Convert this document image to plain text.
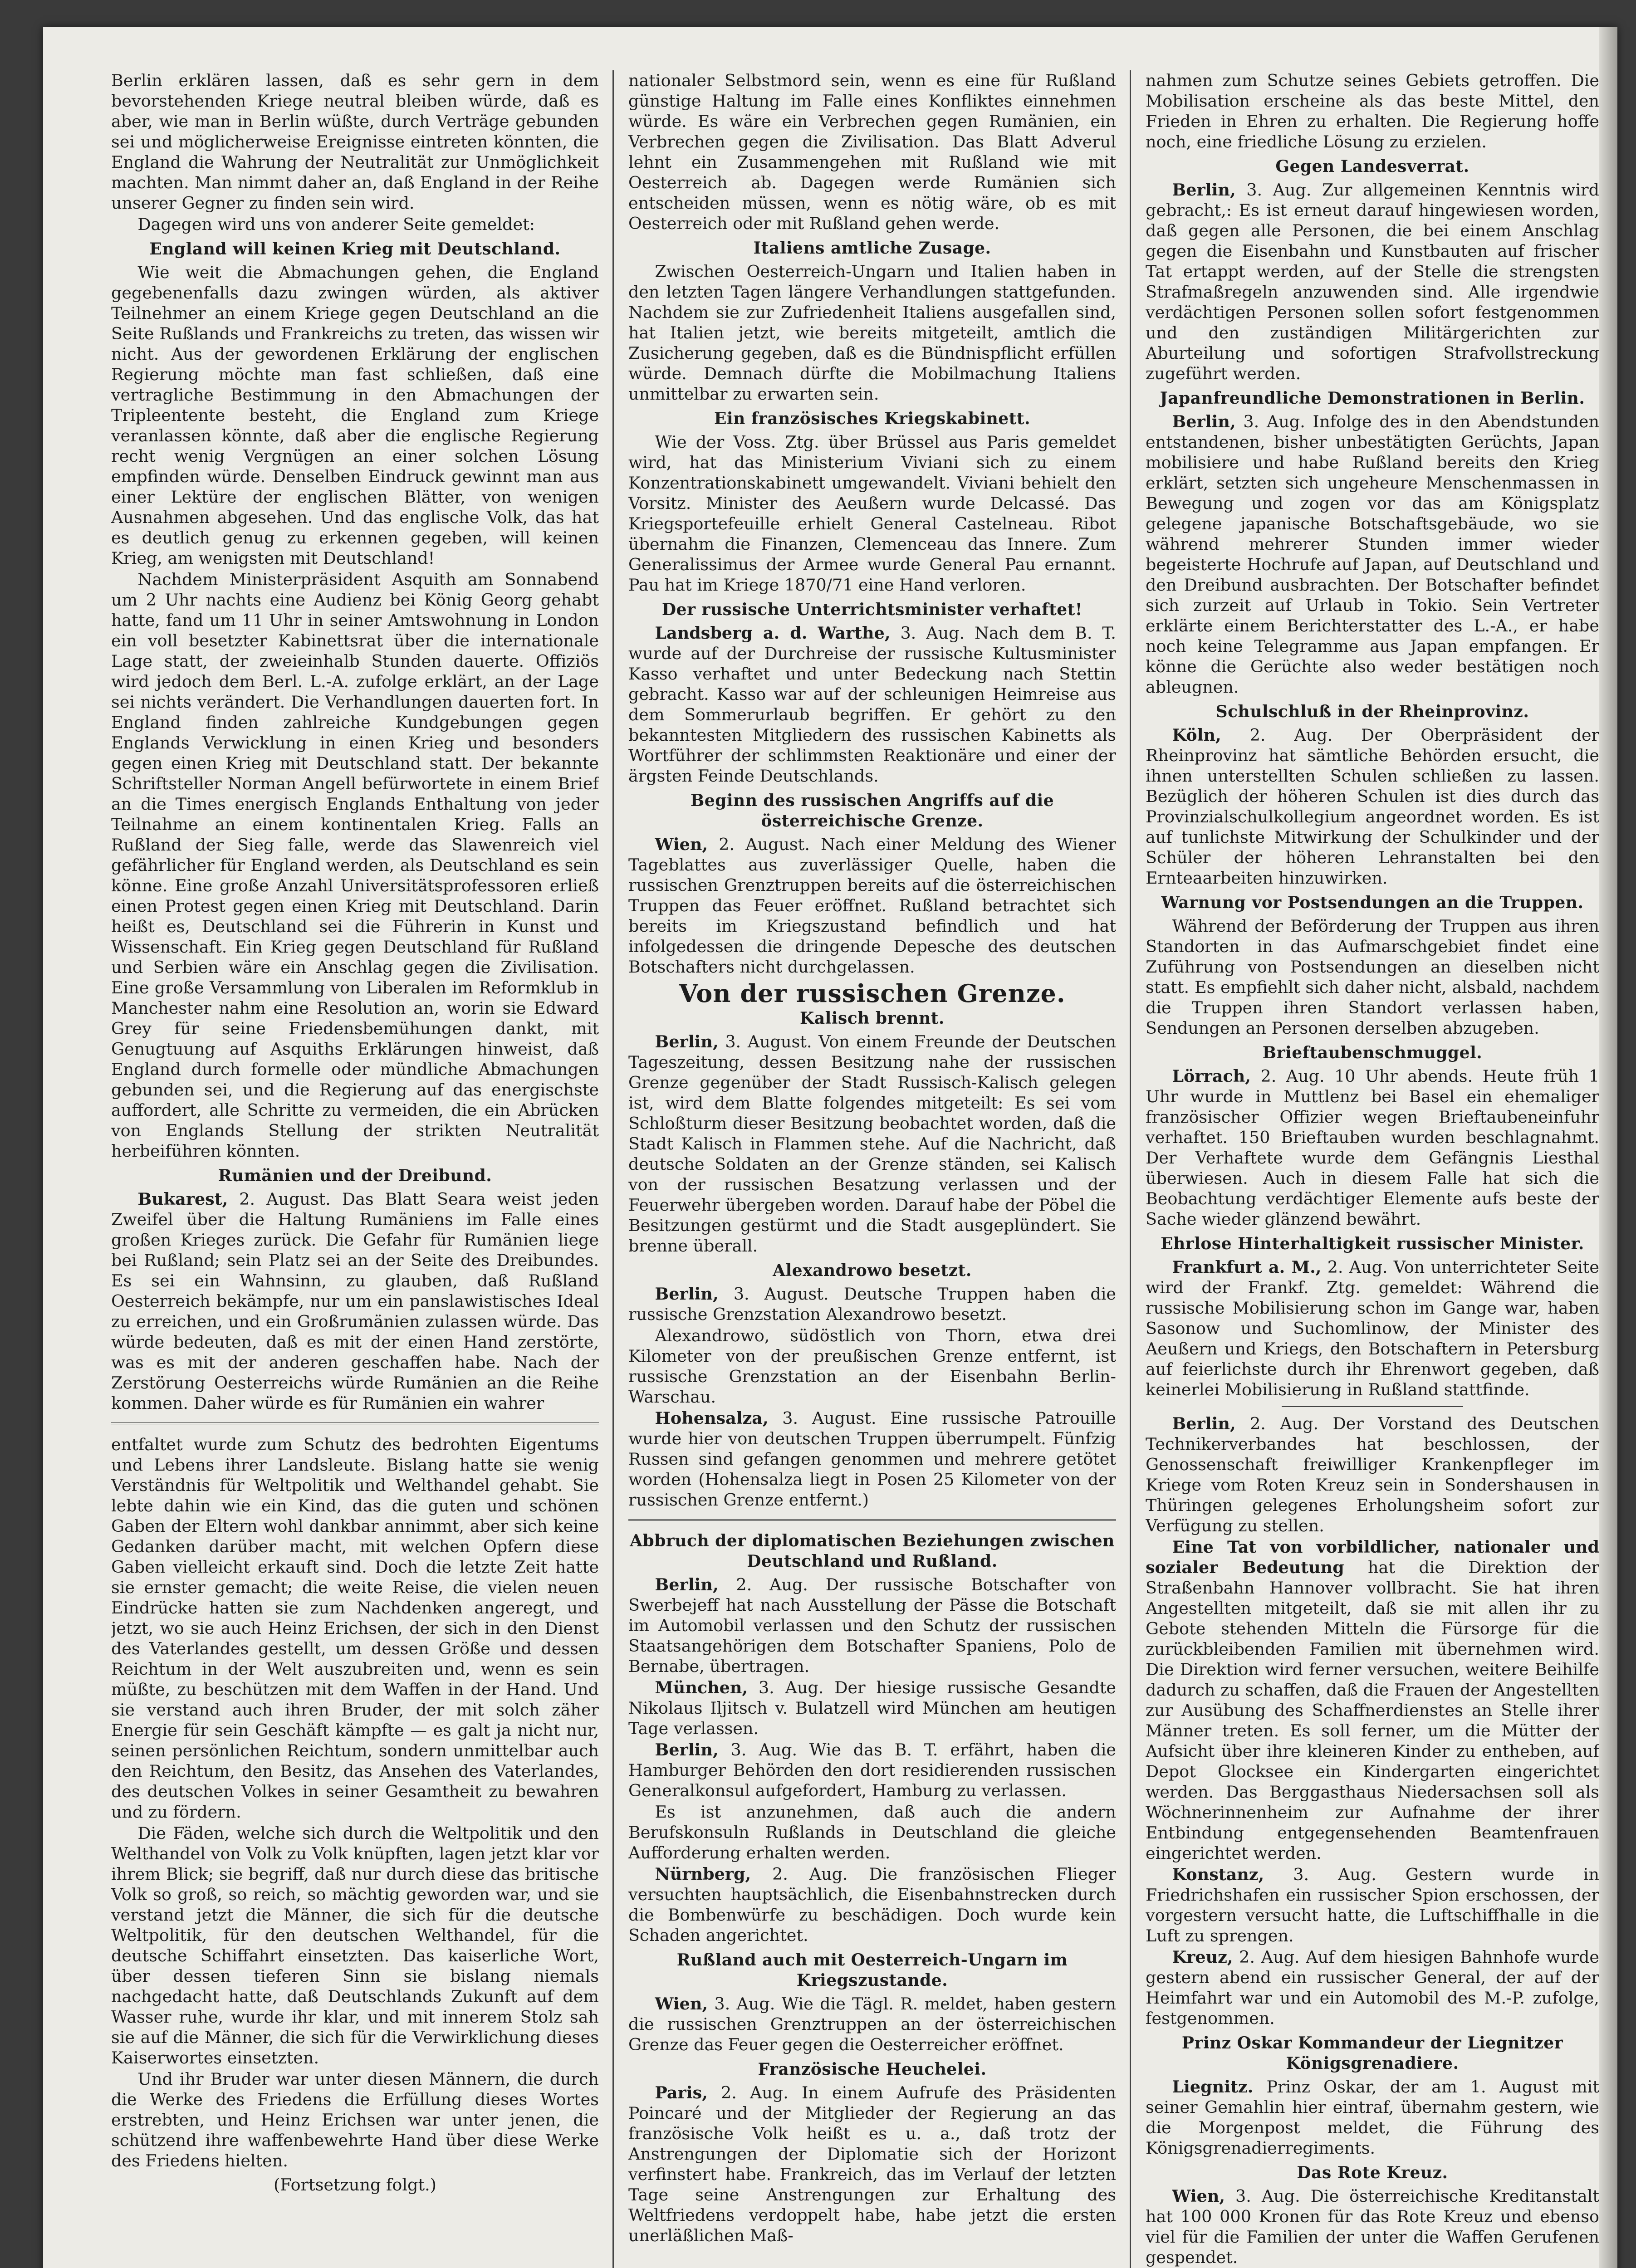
Berlin erklären lassen, daß es sehr gern in dem bevorstehenden Kriege neutral bleiben würde, daß es aber, wie man in Berlin wüßte, durch Verträge gebunden sei und möglicherweise Ereignisse eintreten könnten, die England die Wahrung der Neutralität zur Unmöglichkeit machten. Man nimmt daher an, daß England in der Reihe unserer Gegner zu finden sein wird.

Dagegen wird uns von anderer Seite gemeldet:

England will keinen Krieg mit Deutschland.

Wie weit die Abmachungen gehen, die England gegebenenfalls dazu zwingen würden, als aktiver Teilnehmer an einem Kriege gegen Deutschland an die Seite Rußlands und Frankreichs zu treten, das wissen wir nicht. Aus der gewordenen Erklärung der englischen Regierung möchte man fast schließen, daß eine vertragliche Bestimmung in den Abmachungen der Tripleentente besteht, die England zum Kriege veranlassen könnte, daß aber die englische Regierung recht wenig Vergnügen an einer solchen Lösung empfinden würde. Denselben Eindruck gewinnt man aus einer Lektüre der englischen Blätter, von wenigen Ausnahmen abgesehen. Und das englische Volk, das hat es deutlich genug zu erkennen gegeben, will keinen Krieg, am wenigsten mit Deutschland!

Nachdem Ministerpräsident Asquith am Sonnabend um 2 Uhr nachts eine Audienz bei König Georg gehabt hatte, fand um 11 Uhr in seiner Amtswohnung in London ein voll besetzter Kabinettsrat über die internationale Lage statt, der zweieinhalb Stunden dauerte. Offiziös wird jedoch dem Berl. L.-A. zufolge erklärt, an der Lage sei nichts verändert. Die Verhandlungen dauerten fort. In England finden zahlreiche Kundgebungen gegen Englands Verwicklung in einen Krieg und besonders gegen einen Krieg mit Deutschland statt. Der bekannte Schriftsteller Norman Angell befürwortete in einem Brief an die Times energisch Englands Enthaltung von jeder Teilnahme an einem kontinentalen Krieg. Falls an Rußland der Sieg falle, werde das Slawenreich viel gefährlicher für England werden, als Deutschland es sein könne. Eine große Anzahl Universitätsprofessoren erließ einen Protest gegen einen Krieg mit Deutschland. Darin heißt es, Deutschland sei die Führerin in Kunst und Wissenschaft. Ein Krieg gegen Deutschland für Rußland und Serbien wäre ein Anschlag gegen die Zivilisation. Eine große Versammlung von Liberalen im Reformklub in Manchester nahm eine Resolution an, worin sie Edward Grey für seine Friedensbemühungen dankt, mit Genugtuung auf Asquiths Erklärungen hinweist, daß England durch formelle oder mündliche Abmachungen gebunden sei, und die Regierung auf das energischste auffordert, alle Schritte zu vermeiden, die ein Abrücken von Englands Stellung der strikten Neutralität herbeiführen könnten.

Rumänien und der Dreibund.

Bukarest, 2. August. Das Blatt Seara weist jeden Zweifel über die Haltung Rumäniens im Falle eines großen Krieges zurück. Die Gefahr für Rumänien liege bei Rußland; sein Platz sei an der Seite des Dreibundes. Es sei ein Wahnsinn, zu glauben, daß Rußland Oesterreich bekämpfe, nur um ein panslawistisches Ideal zu erreichen, und ein Großrumänien zulassen würde. Das würde bedeuten, daß es mit der einen Hand zerstörte, was es mit der anderen geschaffen habe. Nach der Zerstörung Oesterreichs würde Rumänien an die Reihe kommen. Daher würde es für Rumänien ein wahrer

entfaltet wurde zum Schutz des bedrohten Eigentums und Lebens ihrer Landsleute. Bislang hatte sie wenig Verständnis für Weltpolitik und Welthandel gehabt. Sie lebte dahin wie ein Kind, das die guten und schönen Gaben der Eltern wohl dankbar annimmt, aber sich keine Gedanken darüber macht, mit welchen Opfern diese Gaben vielleicht erkauft sind. Doch die letzte Zeit hatte sie ernster gemacht; die weite Reise, die vielen neuen Eindrücke hatten sie zum Nachdenken angeregt, und jetzt, wo sie auch Heinz Erichsen, der sich in den Dienst des Vaterlandes gestellt, um dessen Größe und dessen Reichtum in der Welt auszubreiten und, wenn es sein müßte, zu beschützen mit dem Waffen in der Hand. Und sie verstand auch ihren Bruder, der mit solch zäher Energie für sein Geschäft kämpfte — es galt ja nicht nur, seinen persönlichen Reichtum, sondern unmittelbar auch den Reichtum, den Besitz, das Ansehen des Vaterlandes, des deutschen Volkes in seiner Gesamtheit zu bewahren und zu fördern.

Die Fäden, welche sich durch die Weltpolitik und den Welthandel von Volk zu Volk knüpften, lagen jetzt klar vor ihrem Blick; sie begriff, daß nur durch diese das britische Volk so groß, so reich, so mächtig geworden war, und sie verstand jetzt die Männer, die sich für die deutsche Weltpolitik, für den deutschen Welthandel, für die deutsche Schiffahrt einsetzten. Das kaiserliche Wort, über dessen tieferen Sinn sie bislang niemals nachgedacht hatte, daß Deutschlands Zukunft auf dem Wasser ruhe, wurde ihr klar, und mit innerem Stolz sah sie auf die Männer, die sich für die Verwirklichung dieses Kaiserwortes einsetzten.

Und ihr Bruder war unter diesen Männern, die durch die Werke des Friedens die Erfüllung dieses Wortes erstrebten, und Heinz Erichsen war unter jenen, die schützend ihre waffenbewehrte Hand über diese Werke des Friedens hielten.

(Fortsetzung folgt.)

nationaler Selbstmord sein, wenn es eine für Rußland günstige Haltung im Falle eines Konfliktes einnehmen würde. Es wäre ein Verbrechen gegen Rumänien, ein Verbrechen gegen die Zivilisation. Das Blatt Adverul lehnt ein Zusammengehen mit Rußland wie mit Oesterreich ab. Dagegen werde Rumänien sich entscheiden müssen, wenn es nötig wäre, ob es mit Oesterreich oder mit Rußland gehen werde.

Italiens amtliche Zusage.

Zwischen Oesterreich-Ungarn und Italien haben in den letzten Tagen längere Verhandlungen stattgefunden. Nachdem sie zur Zufriedenheit Italiens ausgefallen sind, hat Italien jetzt, wie bereits mitgeteilt, amtlich die Zusicherung gegeben, daß es die Bündnispflicht erfüllen würde. Demnach dürfte die Mobilmachung Italiens unmittelbar zu erwarten sein.

Ein französisches Kriegskabinett.

Wie der Voss. Ztg. über Brüssel aus Paris gemeldet wird, hat das Ministerium Viviani sich zu einem Konzentrationskabinett umgewandelt. Viviani behielt den Vorsitz. Minister des Aeußern wurde Delcassé. Das Kriegsportefeuille erhielt General Castelneau. Ribot übernahm die Finanzen, Clemenceau das Innere. Zum Generalissimus der Armee wurde General Pau ernannt. Pau hat im Kriege 1870/71 eine Hand verloren.

Der russische Unterrichtsminister verhaftet!

Landsberg a. d. Warthe, 3. Aug. Nach dem B. T. wurde auf der Durchreise der russische Kultusminister Kasso verhaftet und unter Bedeckung nach Stettin gebracht. Kasso war auf der schleunigen Heimreise aus dem Sommerurlaub begriffen. Er gehört zu den bekanntesten Mitgliedern des russischen Kabinetts als Wortführer der schlimmsten Reaktionäre und einer der ärgsten Feinde Deutschlands.

Beginn des russischen Angriffs auf die österreichische Grenze.

Wien, 2. August. Nach einer Meldung des Wiener Tageblattes aus zuverlässiger Quelle, haben die russischen Grenztruppen bereits auf die österreichischen Truppen das Feuer eröffnet. Rußland betrachtet sich bereits im Kriegszustand befindlich und hat infolgedessen die dringende Depesche des deutschen Botschafters nicht durchgelassen.

Von der russischen Grenze.
Kalisch brennt.

Berlin, 3. August. Von einem Freunde der Deutschen Tageszeitung, dessen Besitzung nahe der russischen Grenze gegenüber der Stadt Russisch-Kalisch gelegen ist, wird dem Blatte folgendes mitgeteilt: Es sei vom Schloßturm dieser Besitzung beobachtet worden, daß die Stadt Kalisch in Flammen stehe. Auf die Nachricht, daß deutsche Soldaten an der Grenze ständen, sei Kalisch von der russischen Besatzung verlassen und der Feuerwehr übergeben worden. Darauf habe der Pöbel die Besitzungen gestürmt und die Stadt ausgeplündert. Sie brenne überall.

Alexandrowo besetzt.

Berlin, 3. August. Deutsche Truppen haben die russische Grenzstation Alexandrowo besetzt.

Alexandrowo, südöstlich von Thorn, etwa drei Kilometer von der preußischen Grenze entfernt, ist russische Grenzstation an der Eisenbahn Berlin-Warschau.

Hohensalza, 3. August. Eine russische Patrouille wurde hier von deutschen Truppen überrumpelt. Fünfzig Russen sind gefangen genommen und mehrere getötet worden (Hohensalza liegt in Posen 25 Kilometer von der russischen Grenze entfernt.)

Abbruch der diplomatischen Beziehungen zwischen Deutschland und Rußland.

Berlin, 2. Aug. Der russische Botschafter von Swerbejeff hat nach Ausstellung der Pässe die Botschaft im Automobil verlassen und den Schutz der russischen Staatsangehörigen dem Botschafter Spaniens, Polo de Bernabe, übertragen.

München, 3. Aug. Der hiesige russische Gesandte Nikolaus Iljitsch v. Bulatzell wird München am heutigen Tage verlassen.

Berlin, 3. Aug. Wie das B. T. erfährt, haben die Hamburger Behörden den dort residierenden russischen Generalkonsul aufgefordert, Hamburg zu verlassen.

Es ist anzunehmen, daß auch die andern Berufskonsuln Rußlands in Deutschland die gleiche Aufforderung erhalten werden.

Nürnberg, 2. Aug. Die französischen Flieger versuchten hauptsächlich, die Eisenbahnstrecken durch die Bombenwürfe zu beschädigen. Doch wurde kein Schaden angerichtet.

Rußland auch mit Oesterreich-Ungarn im Kriegszustande.

Wien, 3. Aug. Wie die Tägl. R. meldet, haben gestern die russischen Grenztruppen an der österreichischen Grenze das Feuer gegen die Oesterreicher eröffnet.

Französische Heuchelei.

Paris, 2. Aug. In einem Aufrufe des Präsidenten Poincaré und der Mitglieder der Regierung an das französische Volk heißt es u. a., daß trotz der Anstrengungen der Diplomatie sich der Horizont verfinstert habe. Frankreich, das im Verlauf der letzten Tage seine Anstrengungen zur Erhaltung des Weltfriedens verdoppelt habe, habe jetzt die ersten unerläßlichen Maß-

nahmen zum Schutze seines Gebiets getroffen. Die Mobilisation erscheine als das beste Mittel, den Frieden in Ehren zu erhalten. Die Regierung hoffe noch, eine friedliche Lösung zu erzielen.

Gegen Landesverrat.

Berlin, 3. Aug. Zur allgemeinen Kenntnis wird gebracht,: Es ist erneut darauf hingewiesen worden, daß gegen alle Personen, die bei einem Anschlag gegen die Eisenbahn und Kunstbauten auf frischer Tat ertappt werden, auf der Stelle die strengsten Strafmaßregeln anzuwenden sind. Alle irgendwie verdächtigen Personen sollen sofort festgenommen und den zuständigen Militärgerichten zur Aburteilung und sofortigen Strafvollstreckung zugeführt werden.

Japanfreundliche Demonstrationen in Berlin.

Berlin, 3. Aug. Infolge des in den Abendstunden entstandenen, bisher unbestätigten Gerüchts, Japan mobilisiere und habe Rußland bereits den Krieg erklärt, setzten sich ungeheure Menschenmassen in Bewegung und zogen vor das am Königsplatz gelegene japanische Botschaftsgebäude, wo sie während mehrerer Stunden immer wieder begeisterte Hochrufe auf Japan, auf Deutschland und den Dreibund ausbrachten. Der Botschafter befindet sich zurzeit auf Urlaub in Tokio. Sein Vertreter erklärte einem Berichterstatter des L.-A., er habe noch keine Telegramme aus Japan empfangen. Er könne die Gerüchte also weder bestätigen noch ableugnen.

Schulschluß in der Rheinprovinz.

Köln, 2. Aug. Der Oberpräsident der Rheinprovinz hat sämtliche Behörden ersucht, die ihnen unterstellten Schulen schließen zu lassen. Bezüglich der höheren Schulen ist dies durch das Provinzialschulkollegium angeordnet worden. Es ist auf tunlichste Mitwirkung der Schulkinder und der Schüler der höheren Lehranstalten bei den Ernteaarbeiten hinzuwirken.

Warnung vor Postsendungen an die Truppen.

Während der Beförderung der Truppen aus ihren Standorten in das Aufmarschgebiet findet eine Zuführung von Postsendungen an dieselben nicht statt. Es empfiehlt sich daher nicht, alsbald, nachdem die Truppen ihren Standort verlassen haben, Sendungen an Personen derselben abzugeben.

Brieftaubenschmuggel.

Lörrach, 2. Aug. 10 Uhr abends. Heute früh 1 Uhr wurde in Muttlenz bei Basel ein ehemaliger französischer Offizier wegen Brieftaubeneinfuhr verhaftet. 150 Brieftauben wurden beschlagnahmt. Der Verhaftete wurde dem Gefängnis Liesthal überwiesen. Auch in diesem Falle hat sich die Beobachtung verdächtiger Elemente aufs beste der Sache wieder glänzend bewährt.

Ehrlose Hinterhaltigkeit russischer Minister.

Frankfurt a. M., 2. Aug. Von unterrichteter Seite wird der Frankf. Ztg. gemeldet: Während die russische Mobilisierung schon im Gange war, haben Sasonow und Suchomlinow, der Minister des Aeußern und Kriegs, den Botschaftern in Petersburg auf feierlichste durch ihr Ehrenwort gegeben, daß keinerlei Mobilisierung in Rußland stattfinde.

Berlin, 2. Aug. Der Vorstand des Deutschen Technikerverbandes hat beschlossen, der Genossenschaft freiwilliger Krankenpfleger im Kriege vom Roten Kreuz sein in Sondershausen in Thüringen gelegenes Erholungsheim sofort zur Verfügung zu stellen.

Eine Tat von vorbildlicher, nationaler und sozialer Bedeutung hat die Direktion der Straßenbahn Hannover vollbracht. Sie hat ihren Angestellten mitgeteilt, daß sie mit allen ihr zu Gebote stehenden Mitteln die Fürsorge für die zurückbleibenden Familien mit übernehmen wird. Die Direktion wird ferner versuchen, weitere Beihilfe dadurch zu schaffen, daß die Frauen der Angestellten zur Ausübung des Schaffnerdienstes an Stelle ihrer Männer treten. Es soll ferner, um die Mütter der Aufsicht über ihre kleineren Kinder zu entheben, auf Depot Glocksee ein Kindergarten eingerichtet werden. Das Berggasthaus Niedersachsen soll als Wöchnerinnenheim zur Aufnahme der ihrer Entbindung entgegensehenden Beamtenfrauen eingerichtet werden.

Konstanz, 3. Aug. Gestern wurde in Friedrichshafen ein russischer Spion erschossen, der vorgestern versucht hatte, die Luftschiffhalle in die Luft zu sprengen.

Kreuz, 2. Aug. Auf dem hiesigen Bahnhofe wurde gestern abend ein russischer General, der auf der Heimfahrt war und ein Automobil des M.-P. zufolge, festgenommen.

Prinz Oskar Kommandeur der Liegnitzer Königsgrenadiere.

Liegnitz. Prinz Oskar, der am 1. August mit seiner Gemahlin hier eintraf, übernahm gestern, wie die Morgenpost meldet, die Führung des Königsgrenadierregiments.

Das Rote Kreuz.

Wien, 3. Aug. Die österreichische Kreditanstalt hat 100 000 Kronen für das Rote Kreuz und ebenso viel für die Familien der unter die Waffen Gerufenen gespendet.
